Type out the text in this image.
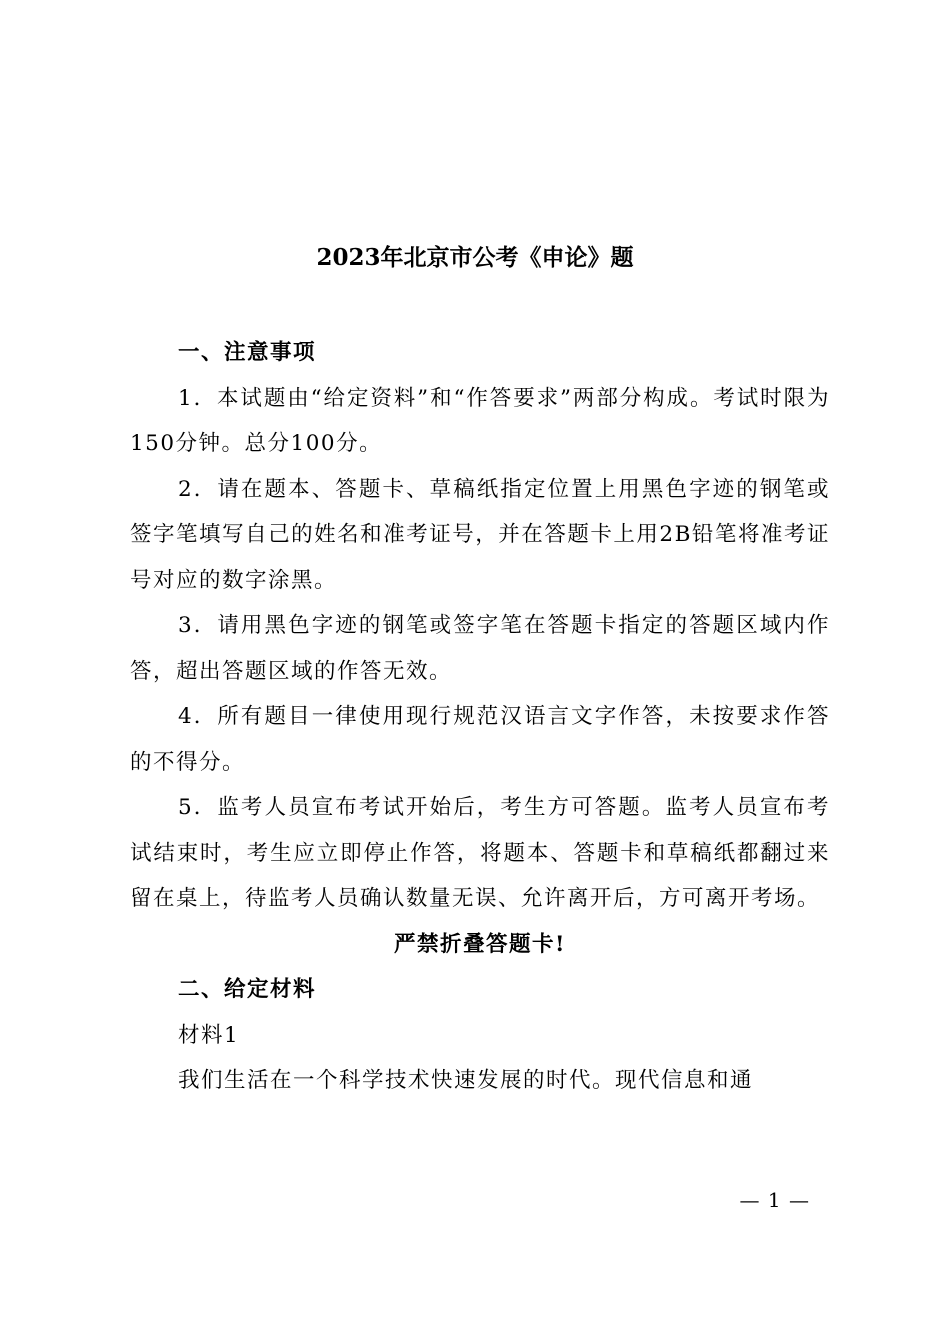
2023年北京市公考《申论》题

一、注意事项

1．本试题由“给定资料”和“作答要求”两部分构成。考试时限为150分钟。总分100分。

2．请在题本、答题卡、草稿纸指定位置上用黑色字迹的钢笔或签字笔填写自己的姓名和准考证号，并在答题卡上用2B铅笔将准考证号对应的数字涂黑。

3．请用黑色字迹的钢笔或签字笔在答题卡指定的答题区域内作答，超出答题区域的作答无效。

4．所有题目一律使用现行规范汉语言文字作答，未按要求作答的不得分。

5．监考人员宣布考试开始后，考生方可答题。监考人员宣布考试结束时，考生应立即停止作答，将题本、答题卡和草稿纸都翻过来留在桌上，待监考人员确认数量无误、允许离开后，方可离开考场。

严禁折叠答题卡!

二、给定材料

材料1

我们生活在一个科学技术快速发展的时代。现代信息和通

— 1 —
